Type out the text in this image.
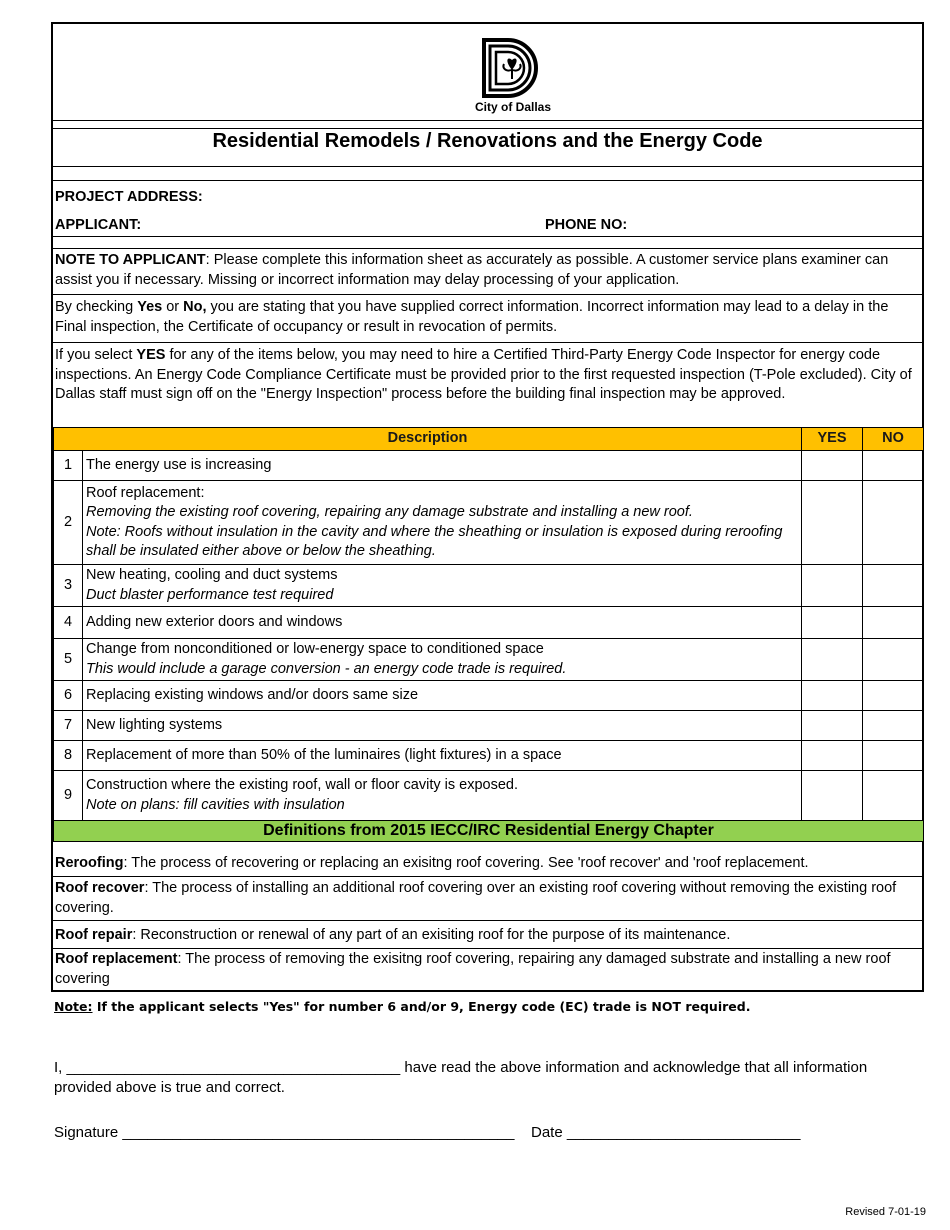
City of Dallas
Residential Remodels / Renovations and the Energy Code
PROJECT ADDRESS:
APPLICANT:	PHONE NO:
NOTE TO APPLICANT: Please complete this information sheet as accurately as possible. A customer service plans examiner can assist you if necessary. Missing or incorrect information may delay processing of your application.
By checking Yes or No, you are stating that you have supplied correct information. Incorrect information may lead to a delay in the Final inspection, the Certificate of occupancy or result in revocation of permits.
If you select YES for any of the items below, you may need to hire a Certified Third-Party Energy Code Inspector for energy code inspections. An Energy Code Compliance Certificate must be provided prior to the first requested inspection (T-Pole excluded). City of Dallas staff must sign off on the "Energy Inspection" process before the building final inspection may be approved.
Description		YES	NO
1	The energy use is increasing		

2	Roof replacement:
Removing the existing roof covering, repairing any damage substrate and installing a new roof.
Note: Roofs without insulation in the cavity and where the sheathing or insulation is exposed during reroofing shall be insulated either above or below the sheathing.		

3	New heating, cooling and duct systems
Duct blaster performance test required		

4	Adding new exterior doors and windows		

5	Change from nonconditioned or low-energy space to conditioned space
This would include a garage conversion - an energy code trade is required.		

6	Replacing existing windows and/or doors same size		

7	New lighting systems		

8	Replacement of more than 50% of the luminaires (light fixtures) in a space		

9	Construction where the existing roof, wall or floor cavity is exposed.
Note on plans: fill cavities with insulation		

Definitions from 2015 IECC/IRC Residential Energy Chapter			
Reroofing: The process of recovering or replacing an exisitng roof covering. See 'roof recover' and 'roof replacement.
Roof recover: The process of installing an additional roof covering over an existing roof covering without removing the existing roof covering.
Roof repair: Reconstruction or renewal of any part of an exisiting roof for the purpose of its maintenance.
Roof replacement: The process of removing the exisitng roof covering, repairing any damaged substrate and installing a new roof covering
Note: If the applicant selects "Yes" for number 6 and/or 9, Energy code (EC) trade is NOT required.
I, ________________________________________ have read the above information and acknowledge that all information provided above is true and correct.
Signature _______________________________________________ Date ____________________________
Revised 7-01-19
